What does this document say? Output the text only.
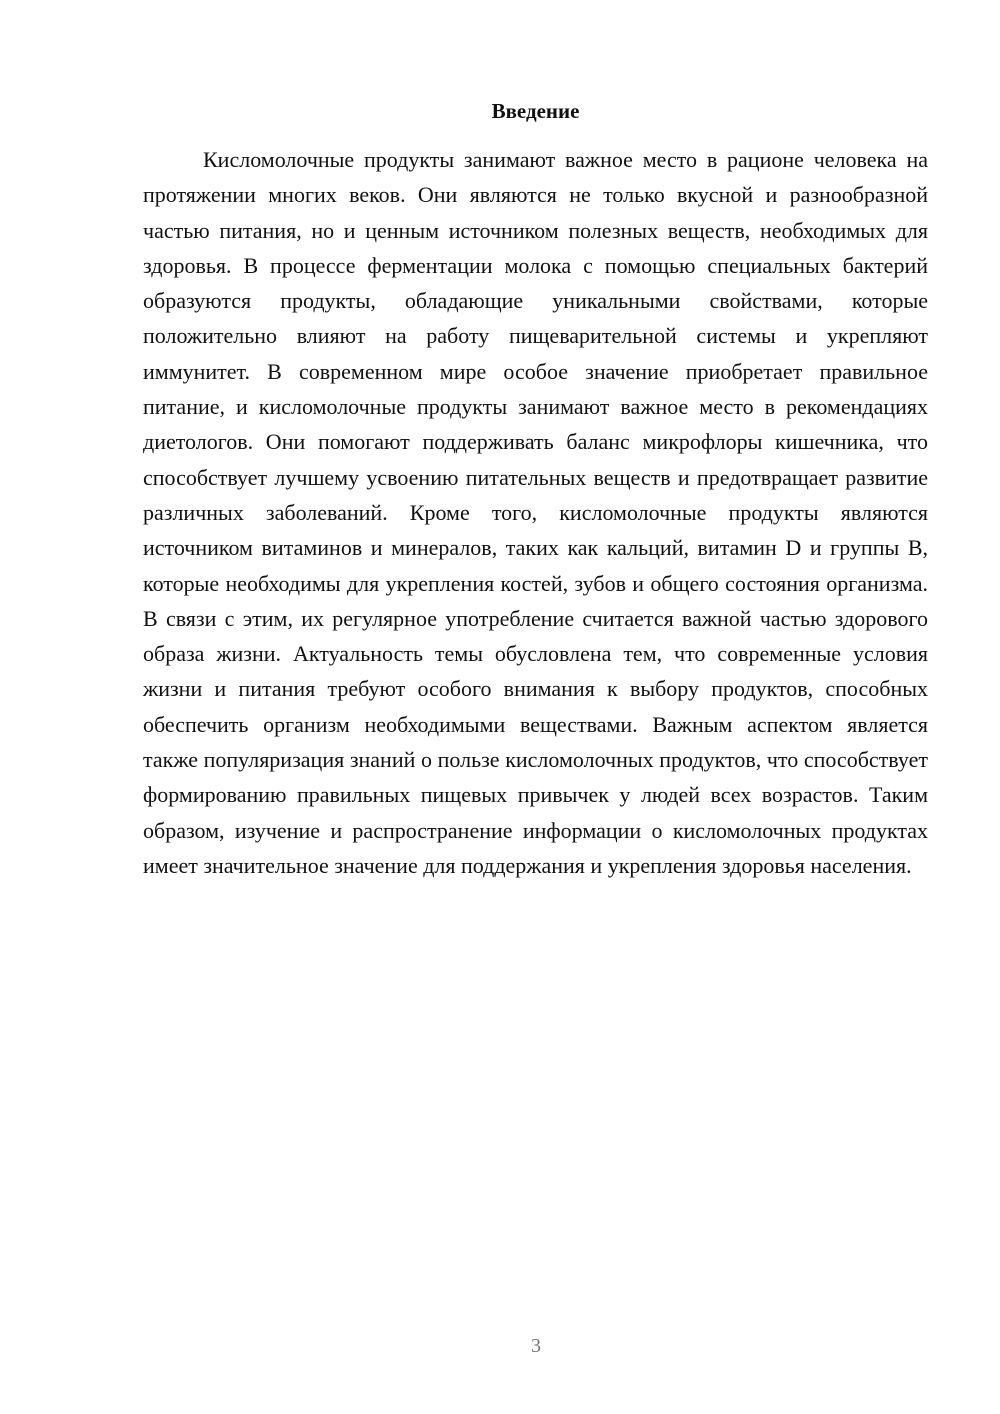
Введение

Кисломолочные продукты занимают важное место в рационе человека на протяжении многих веков. Они являются не только вкусной и разнообразной частью питания, но и ценным источником полезных веществ, необходимых для здоровья. В процессе ферментации молока с помощью специальных бактерий образуются продукты, обладающие уникальными свойствами, которые положительно влияют на работу пищеварительной системы и укрепляют иммунитет. В современном мире особое значение приобретает правильное питание, и кисломолочные продукты занимают важное место в рекомендациях диетологов. Они помогают поддерживать баланс микрофлоры кишечника, что способствует лучшему усвоению питательных веществ и предотвращает развитие различных заболеваний. Кроме того, кисломолочные продукты являются источником витаминов и минералов, таких как кальций, витамин D и группы B, которые необходимы для укрепления костей, зубов и общего состояния организма. В связи с этим, их регулярное употребление считается важной частью здорового образа жизни. Актуальность темы обусловлена тем, что современные условия жизни и питания требуют особого внимания к выбору продуктов, способных обеспечить организм необходимыми веществами. Важным аспектом является также популяризация знаний о пользе кисломолочных продуктов, что способствует формированию правильных пищевых привычек у людей всех возрастов. Таким образом, изучение и распространение информации о кисломолочных продуктах имеет значительное значение для поддержания и укрепления здоровья населения.

3
